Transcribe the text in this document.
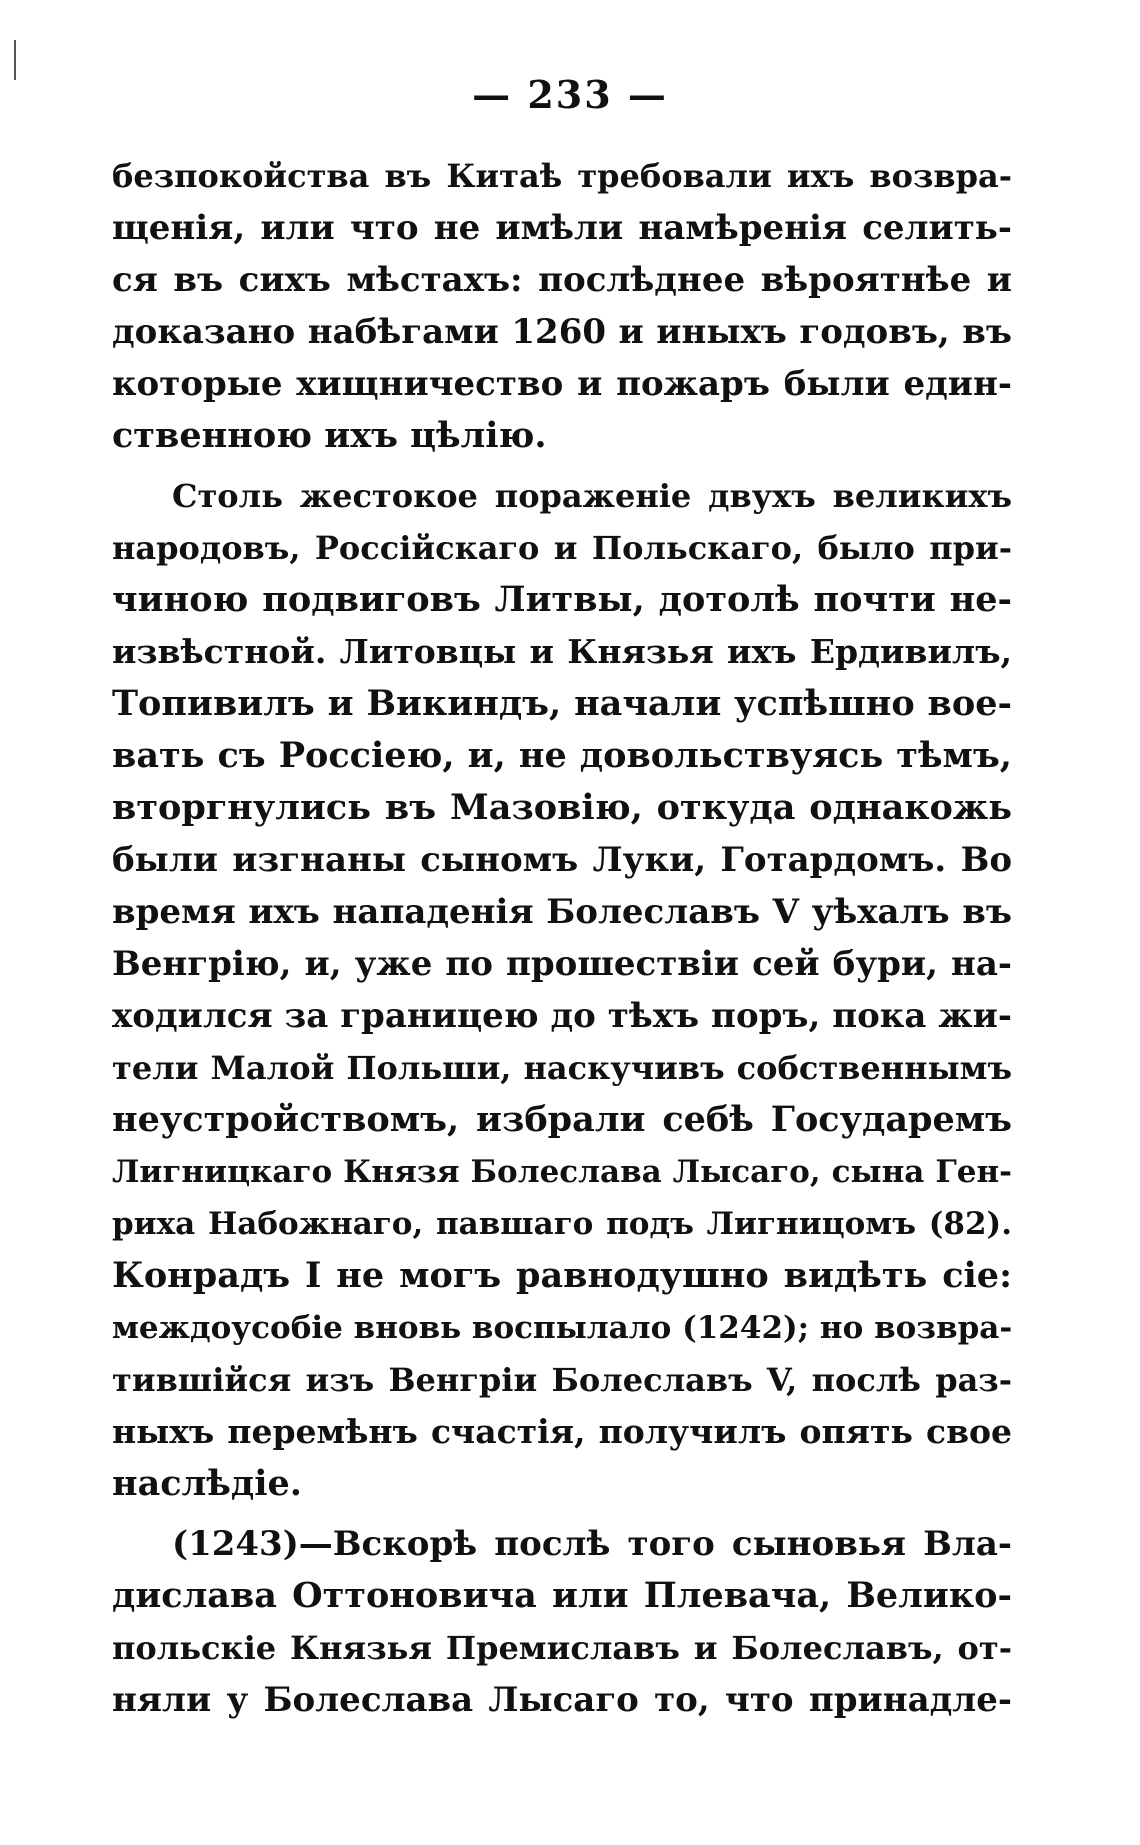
— 233 —
безпокойства въ Китаѣ требовали ихъ возвра-
щенія, или что не имѣли намѣренія селить-
ся въ сихъ мѣстахъ: послѣднее вѣроятнѣе и
доказано набѣгами 1260 и иныхъ годовъ, въ
которые хищничество и пожаръ были един-
ственною ихъ цѣлію.
Столь жестокое пораженіе двухъ великихъ
народовъ, Россійскаго и Польскаго, было при-
чиною подвиговъ Литвы, дотолѣ почти не-
извѣстной. Литовцы и Князья ихъ Ердивилъ,
Топивилъ и Викиндъ, начали успѣшно вое-
вать съ Россіею, и, не довольствуясь тѣмъ,
вторгнулись въ Мазовію, откуда однакожь
были изгнаны сыномъ Луки, Готардомъ. Во
время ихъ нападенія Болеславъ V уѣхалъ въ
Венгрію, и, уже по прошествіи сей бури, на-
ходился за границею до тѣхъ поръ, пока жи-
тели Малой Польши, наскучивъ собственнымъ
неустройствомъ, избрали себѣ Государемъ
Лигницкаго Князя Болеслава Лысаго, сына Ген-
риха Набожнаго, павшаго подъ Лигницомъ (82).
Конрадъ I не могъ равнодушно видѣть сіе:
междоусобіе вновь воспылало (1242); но возвра-
тившійся изъ Венгріи Болеславъ V, послѣ раз-
ныхъ перемѣнъ счастія, получилъ опять свое
наслѣдіе.
(1243)—Вскорѣ послѣ того сыновья Вла-
дислава Оттоновича или Плевача, Велико-
польскіе Князья Премиславъ и Болеславъ, от-
няли у Болеслава Лысаго то, что принадле-
